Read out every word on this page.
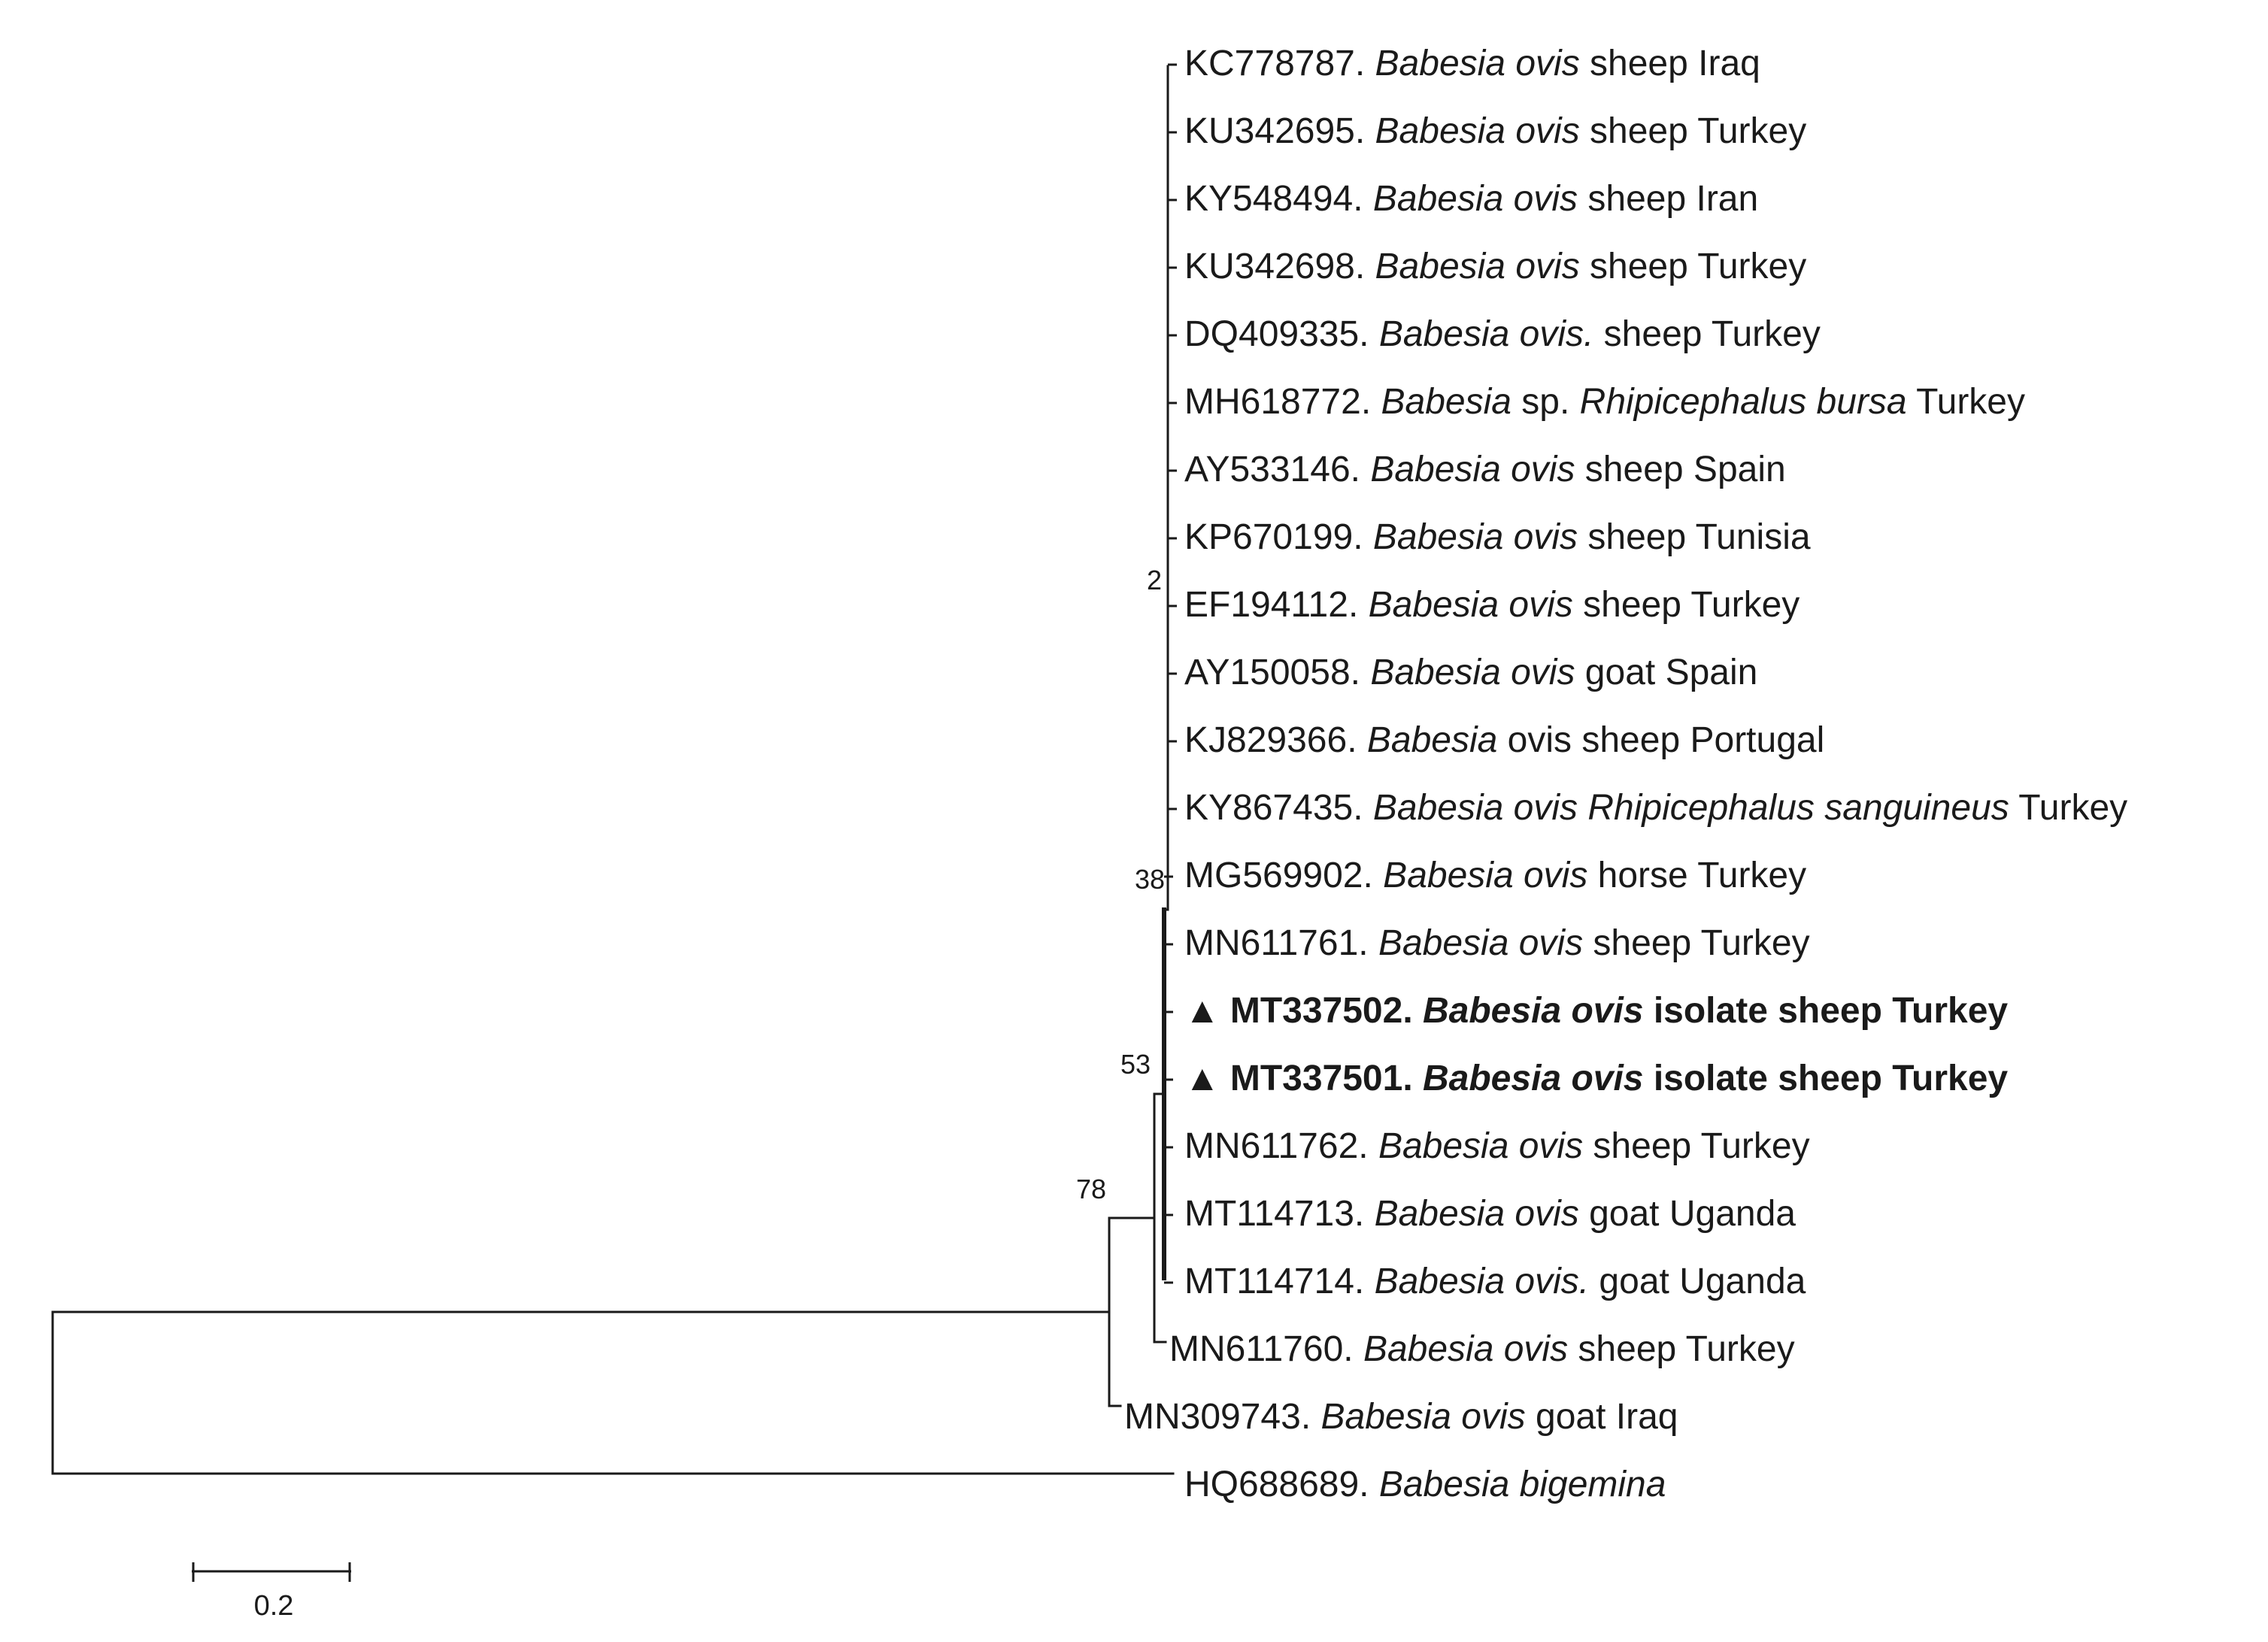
KC778787. Babesia ovis sheep Iraq
KU342695. Babesia ovis sheep Turkey
KY548494. Babesia ovis sheep Iran
KU342698. Babesia ovis sheep Turkey
DQ409335. Babesia ovis. sheep Turkey
MH618772. Babesia sp. Rhipicephalus bursa Turkey
AY533146. Babesia ovis sheep Spain
KP670199. Babesia ovis sheep Tunisia
EF194112. Babesia ovis sheep Turkey
AY150058. Babesia ovis goat Spain
KJ829366. Babesia ovis sheep Portugal
KY867435. Babesia ovis Rhipicephalus sanguineus Turkey
MG569902. Babesia ovis horse Turkey
MN611761. Babesia ovis sheep Turkey
▲ MT337502. Babesia ovis isolate sheep Turkey
▲ MT337501. Babesia ovis isolate sheep Turkey
MN611762. Babesia ovis sheep Turkey
MT114713. Babesia ovis goat Uganda
MT114714. Babesia ovis. goat Uganda
MN611760. Babesia ovis sheep Turkey
MN309743. Babesia ovis goat Iraq
HQ688689. Babesia bigemina
2
38
53
78
0.2
